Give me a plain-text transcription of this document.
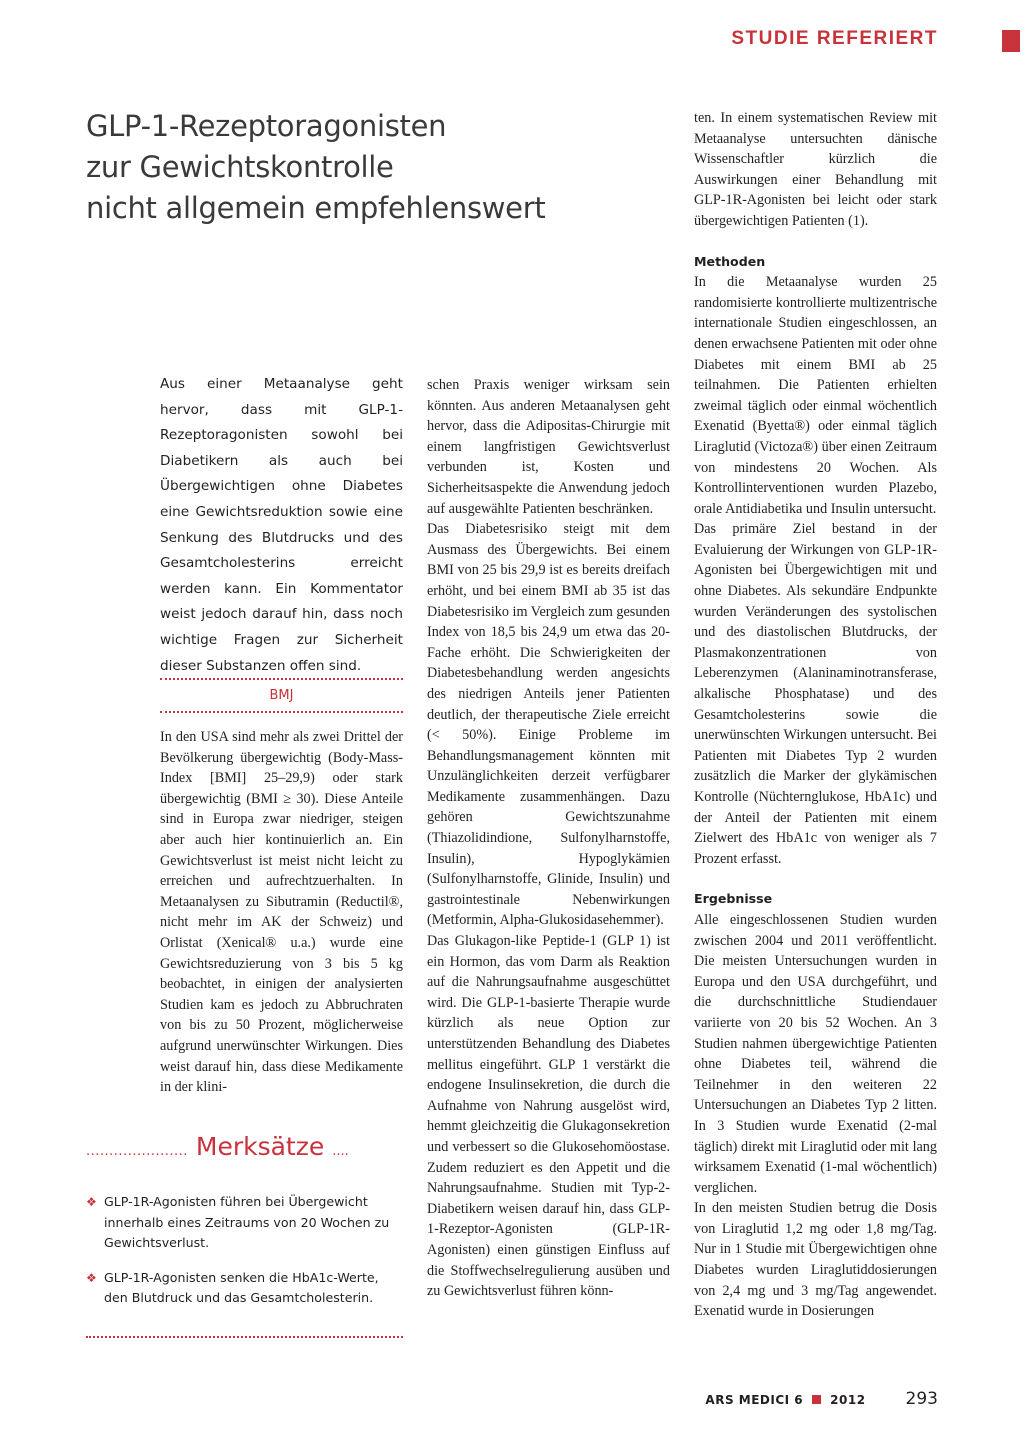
STUDIE REFERIERT
GLP-1-Rezeptoragonisten
zur Gewichtskontrolle
nicht allgemein empfehlenswert
Aus einer Metaanalyse geht hervor, dass mit GLP-1-Rezeptoragonisten sowohl bei Diabetikern als auch bei Übergewichtigen ohne Diabetes eine Gewichtsreduktion sowie eine Senkung des Blutdrucks und des Gesamtcholesterins erreicht werden kann. Ein Kommentator weist jedoch darauf hin, dass noch wichtige Fragen zur Sicherheit dieser Substanzen offen sind.
BMJ

In den USA sind mehr als zwei Drittel der Bevölkerung übergewichtig (Body-Mass-Index [BMI] 25–29,9) oder stark übergewichtig (BMI ≥ 30). Diese Anteile sind in Europa zwar niedriger, steigen aber auch hier kontinuierlich an. Ein Gewichtsverlust ist meist nicht leicht zu erreichen und aufrechtzuerhalten. In Metaanalysen zu Sibutramin (Reductil®, nicht mehr im AK der Schweiz) und Orlistat (Xenical® u.a.) wurde eine Gewichtsreduzierung von 3 bis 5 kg beobachtet, in einigen der analysierten Studien kam es jedoch zu Abbruchraten von bis zu 50 Prozent, möglicherweise aufgrund unerwünschter Wirkungen. Dies weist darauf hin, dass diese Medikamente in der klini-

schen Praxis weniger wirksam sein könnten. Aus anderen Metaanalysen geht hervor, dass die Adipositas-Chirurgie mit einem langfristigen Gewichtsverlust verbunden ist, Kosten und Sicherheitsaspekte die Anwendung jedoch auf ausgewählte Patienten beschränken.

Das Diabetesrisiko steigt mit dem Ausmass des Übergewichts. Bei einem BMI von 25 bis 29,9 ist es bereits dreifach erhöht, und bei einem BMI ab 35 ist das Diabetesrisiko im Vergleich zum gesunden Index von 18,5 bis 24,9 um etwa das 20-Fache erhöht. Die Schwierigkeiten der Diabetesbehandlung werden angesichts des niedrigen Anteils jener Patienten deutlich, der therapeutische Ziele erreicht (< 50%). Einige Probleme im Behandlungsmanagement könnten mit Unzulänglichkeiten derzeit verfügbarer Medikamente zusammenhängen. Dazu gehören Gewichtszunahme (Thiazolidindione, Sulfonylharnstoffe, Insulin), Hypoglykämien (Sulfonylharnstoffe, Glinide, Insulin) und gastrointestinale Nebenwirkungen (Metformin, Alpha-Glukosidasehemmer).

Das Glukagon-like Peptide-1 (GLP 1) ist ein Hormon, das vom Darm als Reaktion auf die Nahrungsaufnahme ausgeschüttet wird. Die GLP-1-basierte Therapie wurde kürzlich als neue Option zur unterstützenden Behandlung des Diabetes mellitus eingeführt. GLP 1 verstärkt die endogene Insulinsekretion, die durch die Aufnahme von Nahrung ausgelöst wird, hemmt gleichzeitig die Glukagonsekretion und verbessert so die Glukosehomöostase. Zudem reduziert es den Appetit und die Nahrungsaufnahme. Studien mit Typ-2-Diabetikern weisen darauf hin, dass GLP-1-Rezeptor-Agonisten (GLP-1R-Agonisten) einen günstigen Einfluss auf die Stoffwechselregulierung ausüben und zu Gewichtsverlust führen könn-

ten. In einem systematischen Review mit Metaanalyse untersuchten dänische Wissenschaftler kürzlich die Auswirkungen einer Behandlung mit GLP-1R-Agonisten bei leicht oder stark übergewichtigen Patienten (1).

Methoden

In die Metaanalyse wurden 25 randomisierte kontrollierte multizentrische internationale Studien eingeschlossen, an denen erwachsene Patienten mit oder ohne Diabetes mit einem BMI ab 25 teilnahmen. Die Patienten erhielten zweimal täglich oder einmal wöchentlich Exenatid (Byetta®) oder einmal täglich Liraglutid (Victoza®) über einen Zeitraum von mindestens 20 Wochen. Als Kontrollinterventionen wurden Plazebo, orale Antidiabetika und Insulin untersucht.

Das primäre Ziel bestand in der Evaluierung der Wirkungen von GLP-1R-Agonisten bei Übergewichtigen mit und ohne Diabetes. Als sekundäre Endpunkte wurden Veränderungen des systolischen und des diastolischen Blutdrucks, der Plasmakonzentrationen von Leberenzymen (Alaninaminotransferase, alkalische Phosphatase) und des Gesamtcholesterins sowie die unerwünschten Wirkungen untersucht. Bei Patienten mit Diabetes Typ 2 wurden zusätzlich die Marker der glykämischen Kontrolle (Nüchternglukose, HbA1c) und der Anteil der Patienten mit einem Zielwert des HbA1c von weniger als 7 Prozent erfasst.

Ergebnisse

Alle eingeschlossenen Studien wurden zwischen 2004 und 2011 veröffentlicht. Die meisten Untersuchungen wurden in Europa und den USA durchgeführt, und die durchschnittliche Studiendauer variierte von 20 bis 52 Wochen. An 3 Studien nahmen übergewichtige Patienten ohne Diabetes teil, während die Teilnehmer in den weiteren 22 Untersuchungen an Diabetes Typ 2 litten. In 3 Studien wurde Exenatid (2-mal täglich) direkt mit Liraglutid oder mit lang wirksamem Exenatid (1-mal wöchentlich) verglichen.

In den meisten Studien betrug die Dosis von Liraglutid 1,2 mg oder 1,8 mg/Tag. Nur in 1 Studie mit Übergewichtigen ohne Diabetes wurden Liraglutiddosierungen von 2,4 mg und 3 mg/Tag angewendet. Exenatid wurde in Dosierungen

...................... Merksätze ....
❖ GLP-1R-Agonisten führen bei Übergewicht innerhalb eines Zeitraums von 20 Wochen zu Gewichtsverlust.
❖ GLP-1R-Agonisten senken die HbA1c-Werte, den Blutdruck und das Gesamtcholesterin.
ARS MEDICI 6 2012 293
